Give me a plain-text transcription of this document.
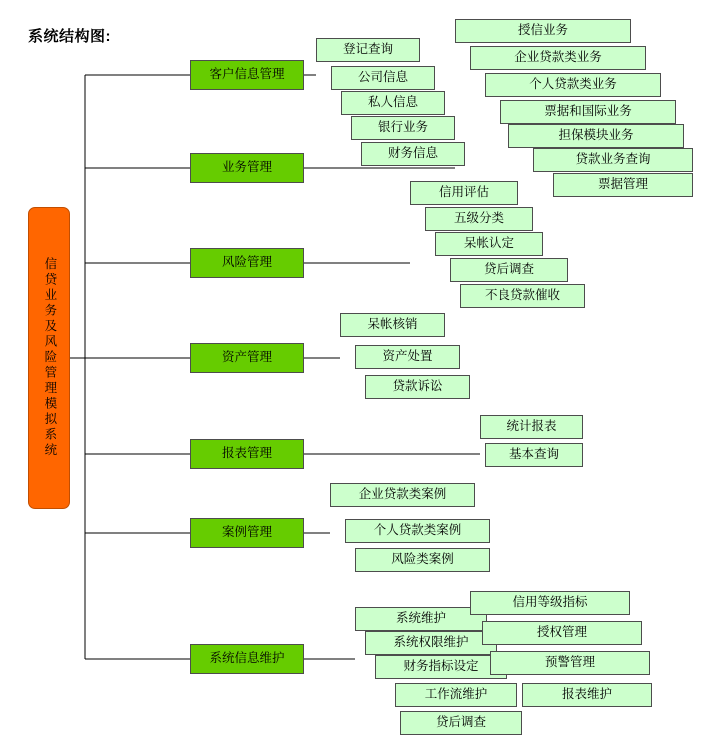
系统结构图:
信贷业务及风险管理模拟系统
客户信息管理
业务管理
风险管理
资产管理
报表管理
案例管理
系统信息维护
登记查询
公司信息
私人信息
银行业务
财务信息
授信业务
企业贷款类业务
个人贷款类业务
票据和国际业务
担保模块业务
贷款业务查询
票据管理
信用评估
五级分类
呆帐认定
贷后调查
不良贷款催收
呆帐核销
资产处置
贷款诉讼
统计报表
基本查询
企业贷款类案例
个人贷款类案例
风险类案例
系统维护
系统权限维护
财务指标设定
工作流维护
贷后调查
信用等级指标
授权管理
预警管理
报表维护
